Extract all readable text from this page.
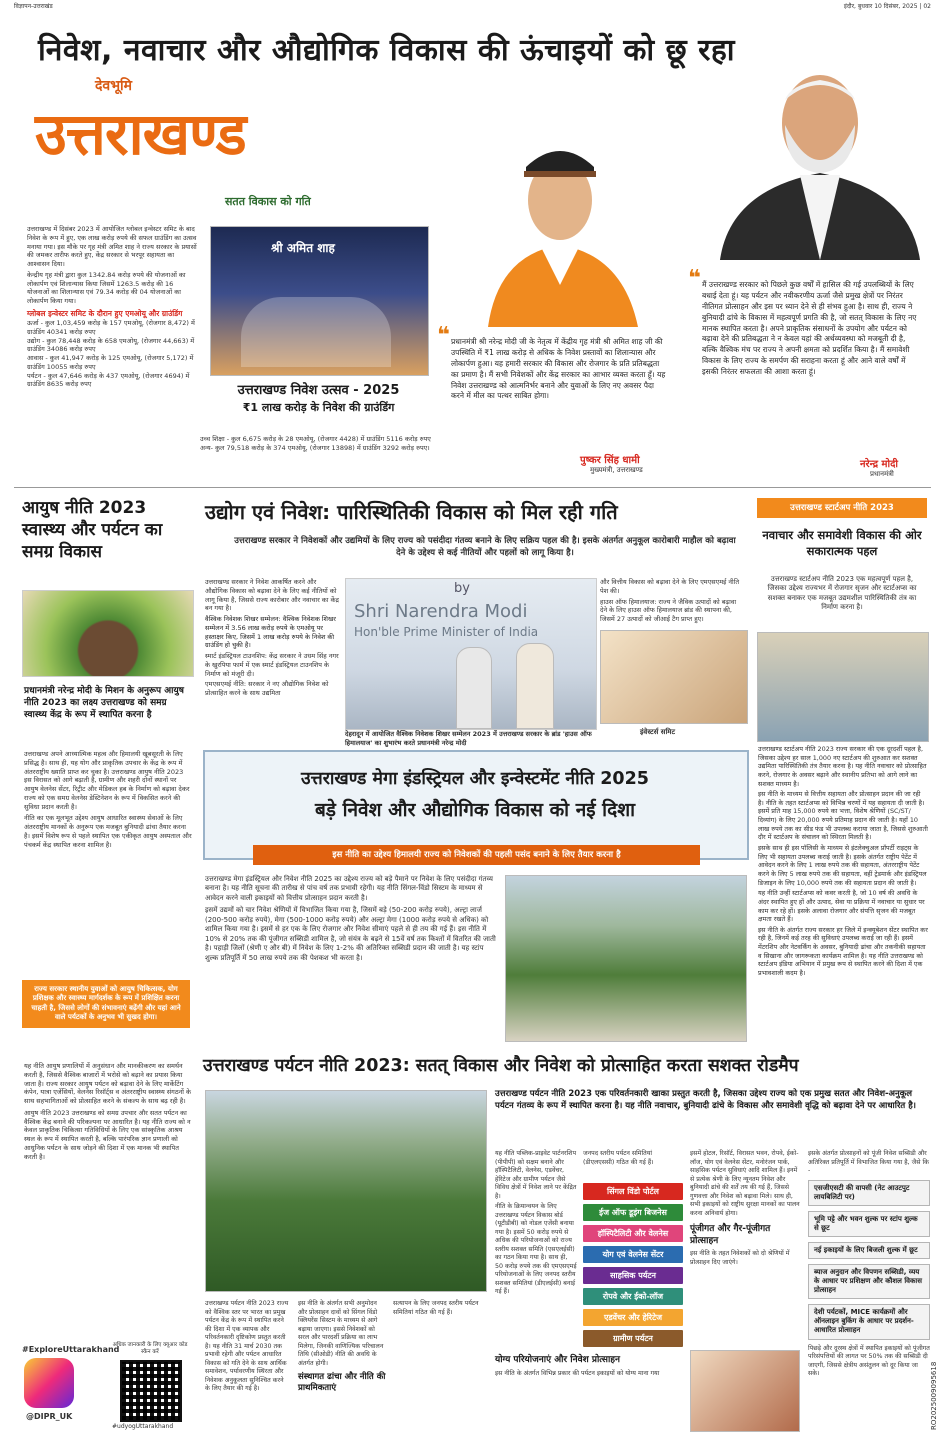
विज्ञापन-उत्तराखंड	इंदौर, बुधवार 10 दिसंबर, 2025 | 02
निवेश, नवाचार और औद्योगिक विकास की ऊंचाइयों को छू रहा
देवभूमि
उत्तराखण्ड
सतत विकास को गति
उत्तराखण्ड में दिसंबर 2023 में आयोजित ग्लोबल इन्वेस्टर समिट के बाद निवेश के रूप में हुए, एक लाख करोड़ रुपये की सफल ग्राउंडिंग का उत्सव मनाया गया। इस मौके पर गृह मंत्री अमित शाह ने राज्य सरकार के प्रयासों की जमकर तारीफ करते हुए, केंद्र सरकार से भरपूर सहायता का आश्वासन दिया।
केन्द्रीय गृह मंत्री द्वारा कुल 1342.84 करोड़ रुपये की योजनाओं का लोकार्पण एवं शिलान्यास किया जिसमें 1263.5 करोड़ की 16 योजनाओं का शिलान्यास एवं 79.34 करोड़ की 04 योजनाओं का लोकार्पण किया गया।
ग्लोबल इन्वेस्टर समिट के दौरान हुए एमओयू और ग्राउंडिंग
ऊर्जा - कुल 1,03,459 करोड़ के 157 एमओयू, (रोजगार 8,472) में ग्राउंडिंग 40341 करोड़ रुपए
उद्योग - कुल 78,448 करोड़ के 658 एमओयू, (रोजगार 44,663) में ग्राउंडिंग 34086 करोड़ रुपए
आवास - कुल 41,947 करोड़ के 125 एमओयू, (रोजगार 5,172) में ग्राउंडिंग 10055 करोड़ रुपए
पर्यटन - कुल 47,646 करोड़ के 437 एमओयू, (रोजगार 4694) में ग्राउंडिंग 8635 करोड़ रुपए
श्री अमित शाह
उत्तराखण्ड निवेश उत्सव - 2025
₹1 लाख करोड़ के निवेश की ग्राउंडिंग
उच्च शिक्षा - कुल 6,675 करोड़ के 28 एमओयू, (रोजगार 4428) में ग्राउंडिंग 5116 करोड़ रुपए
अन्य- कुल 79,518 करोड़ के 374 एमओयू, (रोजगार 13898) में ग्राउंडिंग 3292 करोड़ रुपए।
❝ प्रधानमंत्री श्री नरेन्द्र मोदी जी के नेतृत्व में केंद्रीय गृह मंत्री श्री अमित शाह जी की उपस्थिति में ₹1 लाख करोड़ से अधिक के निवेश प्रस्तावों का शिलान्यास और लोकार्पण हुआ। यह हमारी सरकार की विकास और रोजगार के प्रति प्रतिबद्धता का प्रमाण है। मैं सभी निवेशकों और केंद्र सरकार का आभार व्यक्त करता हूँ। यह निवेश उत्तराखण्ड को आत्मनिर्भर बनाने और युवाओं के लिए नए अवसर पैदा करने में मील का पत्थर साबित होगा।
पुष्कर सिंह धामी
मुख्यमंत्री, उत्तराखण्ड
❝ मैं उत्तराखण्ड सरकार को पिछले कुछ वर्षों में हासिल की गई उपलब्धियों के लिए बधाई देता हूं। यह पर्यटन और नवीकरणीय ऊर्जा जैसे प्रमुख क्षेत्रों पर निरंतर नीतिगत प्रोत्साहन और इस पर ध्यान देने से ही संभव हुआ है। साथ ही, राज्य ने बुनियादी ढांचे के विकास में महत्वपूर्ण प्रगति की है, जो सतत् विकास के लिए नए मानक स्थापित करता है। अपने प्राकृतिक संसाधनों के उपयोग और पर्यटन को बढ़ावा देने की प्रतिबद्धता ने न केवल यहां की अर्थव्यवस्था को मजबूती दी है, बल्कि वैश्विक मंच पर राज्य ने अपनी क्षमता को प्रदर्शित किया है। मैं समावेशी विकास के लिए राज्य के समर्पण की सराहना करता हूं और आने वाले वर्षों में इसकी निरंतर सफलता की आशा करता हूं।
नरेन्द्र मोदी
प्रधानमंत्री
आयुष नीति 2023 स्वास्थ्य और पर्यटन का समग्र विकास
प्रधानमंत्री नरेन्द्र मोदी के मिशन के अनुरूप आयुष नीति 2023 का लक्ष्य उत्तराखण्ड को समग्र स्वास्थ्य केंद्र के रूप में स्थापित करना है
उत्तराखण्ड अपने आध्यात्मिक महत्व और हिमालयी खूबसूरती के लिए प्रसिद्ध है। साथ ही, यह योग और प्राकृतिक उपचार के केंद्र के रूप में अंतरराष्ट्रीय ख्याति प्राप्त कर चुका है। उत्तराखण्ड आयुष नीति 2023 इस विरासत को आगे बढ़ाती है, ग्रामीण और शहरी दोनों स्थानों पर आयुष वेलनेस सेंटर, रिट्रीट और मेडिकल हब के निर्माण को बढ़ावा देकर राज्य को एक समग्र वेलनेस डेस्टिनेशन के रूप में विकसित करने की सुविधा प्रदान करती है।
नीति का एक मूलभूत उद्देश्य आयुष आधारित स्वास्थ्य सेवाओं के लिए अंतरराष्ट्रीय मानकों के अनुरूप एक मजबूत बुनियादी ढांचा तैयार करना है। इसमें विशेष रूप से पहले स्थापित एक एकीकृत आयुष अस्पताल और पंचकर्म केंद्र स्थापित करना शामिल है।
राज्य सरकार स्थानीय युवाओं को आयुष चिकित्सक, योग प्रशिक्षक और स्वास्थ्य मार्गदर्शक के रूप में प्रशिक्षित करना चाहती है, जिससे लोगों की संभावनाएं बढ़ेंगी और यहां आने वाले पर्यटकों के अनुभव भी सुखद होगा।
यह नीति आयुष प्रणालियों में अनुसंधान और मानकीकरण का समर्थन करती है, जिससे वैश्विक बाजारों में भरोसे को बढ़ाने का प्रयास किया जाता है। राज्य सरकार आयुष पर्यटन को बढ़ावा देने के लिए मार्केटिंग कंपेन, यात्रा एजेंसियों, वेलनेस रिसॉर्ट्स व अंतरराष्ट्रीय स्वास्थ्य संगठनों के साथ सहभागिताओं को प्रोत्साहित करने के संकल्प के साथ बढ़ रही है।
आयुष नीति 2023 उत्तराखण्ड को समग्र उपचार और सतत पर्यटन का वैश्विक केंद्र बनाने की परिकल्पना पर आधारित है। यह नीति राज्य को न केवल प्राकृतिक चिकित्सा गतिविधियों के लिए एक सांस्कृतिक आश्रय स्थल के रूप में स्थापित करती है, बल्कि पारंपरिक ज्ञान प्रणाली को आधुनिक पर्यटन के साथ जोड़ने की दिशा में एक मानक भी स्थापित करती है।
#ExploreUttarakhand
@DIPR_UK
अधिक जानकारी के लिए क्यूआर कोड स्कैन करें
#udyogUttarakhand
उद्योग एवं निवेश: पारिस्थितिकी विकास को मिल रही गति
उत्तराखण्ड सरकार ने निवेशकों और उद्यमियों के लिए राज्य को पसंदीदा गंतव्य बनाने के लिए सक्रिय पहल की है। इसके अंतर्गत अनुकूल कारोबारी माहौल को बढ़ावा देने के उद्देश्य से कई नीतियों और पहलों को लागू किया है।
उत्तराखण्ड सरकार ने निवेश आकर्षित करने और औद्योगिक विकास को बढ़ावा देने के लिए कई नीतियों को लागू किया है, जिससे राज्य कारोबार और नवाचार का केंद्र बन गया है।
वैश्विक निवेशक शिखर सम्मेलन: वैश्विक निवेशक शिखर सम्मेलन में 3.56 लाख करोड़ रुपये के एमओयू पर हस्ताक्षर किए, जिसमें 1 लाख करोड़ रुपये के निवेश की ग्राउंडिंग हो चुकी है।
स्मार्ट इंडस्ट्रियल टाउनशिप: केंद्र सरकार ने उधम सिंह नगर के खुरपिया फार्म में एक स्मार्ट इंडस्ट्रियल टाउनशिप के निर्माण को मंजूरी दी।
एमएसएमई नीति: सरकार ने नए औद्योगिक निवेश को प्रोत्साहित करने के साथ उद्यमिता
by
Shri Narendra Modi
Hon'ble Prime Minister of India
देहरादून में आयोजित वैश्विक निवेशक शिखर सम्मेलन 2023 में उत्तराखण्ड सरकार के ब्रांड 'हाउस ऑफ हिमालयाज' का शुभारंभ करते प्रधानमंत्री नरेन्द्र मोदी
और वित्तीय विकास को बढ़ावा देने के लिए एमएसएमई नीति पेश की।
हाउस ऑफ हिमालयाज: राज्य ने जैविक उत्पादों को बढ़ावा देने के लिए हाउस ऑफ हिमालयाज ब्रांड की स्थापना की, जिसमें 27 उत्पादों को जीआई टैग प्राप्त हुए।
इंवेस्टर्स समिट
उत्तराखण्ड मेगा इंडस्ट्रियल और इन्वेस्टमेंट नीति 2025
बड़े निवेश और औद्योगिक विकास को नई दिशा
इस नीति का उद्देश्य हिमालयी राज्य को निवेशकों की पहली पसंद बनाने के लिए तैयार करना है
उत्तराखण्ड मेगा इंडस्ट्रियल और निवेश नीति 2025 का उद्देश्य राज्य को बड़े पैमाने पर निवेश के लिए पसंदीदा गंतव्य बनाना है। यह नीति सूचना की तारीख से पांच वर्ष तक प्रभावी रहेगी। यह नीति सिंगल-विंडो सिस्टम के माध्यम से आवेदन करने वाली इकाइयों को वित्तीय प्रोत्साहन प्रदान करती है।
इसमें उद्यमों को चार निवेश श्रेणियों में विभाजित किया गया है, जिसमें बड़े (50-200 करोड़ रुपये), अल्ट्रा लार्ज (200-500 करोड़ रुपये), मेगा (500-1000 करोड़ रुपये) और अल्ट्रा मेगा (1000 करोड़ रुपये से अधिक) को शामिल किया गया है। इसमें से हर एक के लिए रोजगार और निवेश सीमाएं पहले से ही तय की गई हैं। इस नीति में 10% से 20% तक की पूंजीगत सब्सिडी शामिल है, जो संयंत्र के बढ़ने से 15वें वर्ष तक किश्तों में वितरित की जाती है। पहाड़ी जिलों (श्रेणी ए और बी) में निवेश के लिए 1-2% की अतिरिक्त सब्सिडी प्रदान की जाती है। यह स्टांप शुल्क प्रतिपूर्ति में 50 लाख रुपये तक की पेशकश भी करता है।
उत्तराखण्ड स्टार्टअप नीति 2023
नवाचार और समावेशी विकास की ओर सकारात्मक पहल
उत्तराखण्ड स्टार्टअप नीति 2023 एक महत्वपूर्ण पहल है, जिसका उद्देश्य राज्यभर में रोजगार सृजन और स्टार्टअप्स का सशक्त बनाकर एक मजबूत उद्यमशील पारिस्थितिकी तंत्र का निर्माण करना है।
उत्तराखण्ड स्टार्टअप नीति 2023 राज्य सरकार की एक दूरदर्शी पहल है, जिसका उद्देश्य हर साल 1,000 नए स्टार्टअप की शुरुआत कर सशक्त उद्यमिता पारिस्थितिकी तंत्र तैयार करना है। यह नीति नवाचार को प्रोत्साहित करने, रोजगार के अवसर बढ़ाने और स्थानीय प्रतिभा को आगे लाने का सशक्त माध्यम है।
इस नीति के माध्यम से वित्तीय सहायता और प्रोत्साहन प्रदान की जा रही है। नीति के तहत स्टार्टअप्स को विभिन्न चरणों में यह सहायता दी जाती है। इसमें प्रति माह 15,000 रुपये का भत्ता, विशेष श्रेणियों (SC/ST/दिव्यांग) के लिए 20,000 रुपये प्रतिमाह प्रदान की जाती है। यहाँ 10 लाख रुपये तक का सीड फंड भी उपलब्ध कराया जाता है, जिससे शुरुआती दौर में स्टार्टअप के संचालन को स्थिरता मिलती है।
इसके साथ ही इस पॉलिसी के माध्यम से इंटलेक्चुअल प्रॉपर्टी राइट्स के लिए भी सहायता उपलब्ध कराई जाती है। इसके अंतर्गत राष्ट्रीय पेटेंट में आवेदन करने के लिए 1 लाख रुपये तक की सहायता, अंतरराष्ट्रीय पेटेंट करने के लिए 5 लाख रुपये तक की सहायता, वहीं ट्रेडमार्क और इंडस्ट्रियल डिजाइन के लिए 10,000 रुपये तक की सहायता प्रदान की जाती है।
यह नीति उन्हीं स्टार्टअप्स को कवर करती है, जो 10 वर्ष की अवधि के अंदर स्थापित हुए हों और उत्पाद, सेवा या प्रक्रिया में नवाचार या सुधार पर काम कर रहे हों। इसके अलावा रोजगार और संपत्ति सृजन की मजबूत क्षमता रखते हैं।
इस नीति के अंतर्गत राज्य सरकार हर जिले में इन्क्यूबेशन सेंटर स्थापित कर रही है, जिनमें कई तरह की सुविधाएं उपलब्ध कराई जा रही हैं। इसमें मेंटरशिप और नेटवर्किंग के अवसर, बुनियादी ढांचा और तकनीकी सहायता व सिखाना और जागरूकता कार्यक्रम शामिल है। यह नीति उत्तराखण्ड को स्टार्टअप इंडिया अभियान में प्रमुख रूप से स्थापित करने की दिशा में एक प्रभावशाली कदम है।
उत्तराखण्ड पर्यटन नीति 2023: सतत् विकास और निवेश को प्रोत्साहित करता सशक्त रोडमैप
उत्तराखण्ड पर्यटन नीति 2023 एक परिवर्तनकारी खाका प्रस्तुत करती है, जिसका उद्देश्य राज्य को एक प्रमुख सतत और निवेश-अनुकूल पर्यटन गंतव्य के रूप में स्थापित करना है। यह नीति नवाचार, बुनियादी ढांचे के विकास और समावेशी वृद्धि को बढ़ावा देने पर आधारित है।
यह नीति पब्लिक-प्राइवेट पार्टनरशिप (पीपीपी) को सक्षम बनाने और हॉस्पिटैलिटी, वेलनेस, एडवेंचर, हेरिटेज और ग्रामीण पर्यटन जैसे विविध क्षेत्रों में निवेश लाने पर केंद्रित है।
नीति के क्रियान्वयन के लिए उत्तराखण्ड पर्यटन विकास बोर्ड (यूटीडीबी) को नोडल एजेंसी बनाया गया है। इसमें 50 करोड़ रुपये से अधिक की परियोजनाओं को राज्य स्तरीय सशक्त समिति (एसएलईसी) का गठन किया गया है। साथ ही, 50 करोड़ रुपये तक की एमएसएमई परियोजनाओं के लिए जनपद स्तरीय सशक्त समितियां (डीएलईसी) बनाई गई हैं।
जनपद स्तरीय पर्यटन समितियां (डीएलएससी) गठित की गई हैं।
सिंगल विंडो पोर्टल
ईज ऑफ डूइंग बिजनेस
हॉस्पिटैलिटी और वेलनेस
योग एवं वेलनेस सेंटर
साहसिक पर्यटन
रोपवे और ईको-लॉज
एडवेंचर और हेरिटेज
ग्रामीण पर्यटन
इसमें होटल, रिसॉर्ट, विरासत भवन, रोपवे, ईको-लॉज, योग एवं वेलनेस सेंटर, मनोरंजन पार्क, साहसिक पर्यटन सुविधाएं आदि शामिल हैं। इनमें से प्रत्येक श्रेणी के लिए न्यूनतम निवेश और बुनियादी ढांचे की शर्तें तय की गई हैं, जिससे गुणवत्ता और निवेश को बढ़ावा मिले। साथ ही, सभी इकाइयों को राष्ट्रीय सुरक्षा मानकों का पालन करना अनिवार्य होगा।
पूंजीगत और गैर-पूंजीगत प्रोत्साहन
इस नीति के तहत निवेशकों को दो श्रेणियों में प्रोत्साहन दिए जाएंगे।
इसके अंतर्गत प्रोत्साहनों को पूंजी निवेश सब्सिडी और अतिरिक्त प्रतिपूर्ति में विभाजित किया गया है, जैसे कि -
एसजीएसटी की वापसी (नेट आउटपुट लायबिलिटी पर)
भूमि पट्टे और भवन शुल्क पर स्टांप शुल्क से छूट
नई इकाइयों के लिए बिजली शुल्क में छूट
ब्याज अनुदान और विपणन सब्सिडी, व्यय के आधार पर प्रशिक्षण और कौशल विकास प्रोत्साहन
देशी पर्यटकों, MICE कार्यक्रमों और ऑनलाइन बुकिंग के आधार पर प्रदर्शन-आधारित प्रोत्साहन
पिछड़े और दूरस्थ क्षेत्रों में स्थापित इकाइयों को पूंजीगत परिसंपत्तियों की लागत पर 50% तक की सब्सिडी दी जाएगी, जिससे क्षेत्रीय असंतुलन को दूर किया जा सके।
उत्तराखण्ड पर्यटन नीति 2023 राज्य को वैश्विक स्तर पर भारत का प्रमुख पर्यटन केंद्र के रूप में स्थापित करने की दिशा में एक व्यापक और परिवर्तनकारी दृष्टिकोण प्रस्तुत करती है। यह नीति 31 मार्च 2030 तक प्रभावी रहेगी और पर्यटन आधारित विकास को गति देने के साथ आर्थिक समावेशन, पर्यावरणीय स्थिरता और निवेशक अनुकूलता सुनिश्चित करने के लिए तैयार की गई है।
इस नीति के अंतर्गत सभी अनुमोदन और प्रोत्साहन दावों को सिंगल विंडो क्लियरेंस सिस्टम के माध्यम से आगे बढ़ाया जाएगा। इससे निवेशकों को सरल और पारदर्शी प्रक्रिया का लाभ मिलेगा, जिनकी वाणिज्यिक परिचालन तिथि (सीओडी) नीति की अवधि के अंतर्गत होगी।
संस्थागत ढांचा और नीति की प्राथमिकताएं
सत्यापन के लिए जनपद स्तरीय पर्यटन समितियां गठित की गई हैं।
योग्य परियोजनाएं और निवेश प्रोत्साहन
इस नीति के अंतर्गत विभिन्न प्रकार की पर्यटन इकाइयों को योग्य माना गया	RO2025009095618
